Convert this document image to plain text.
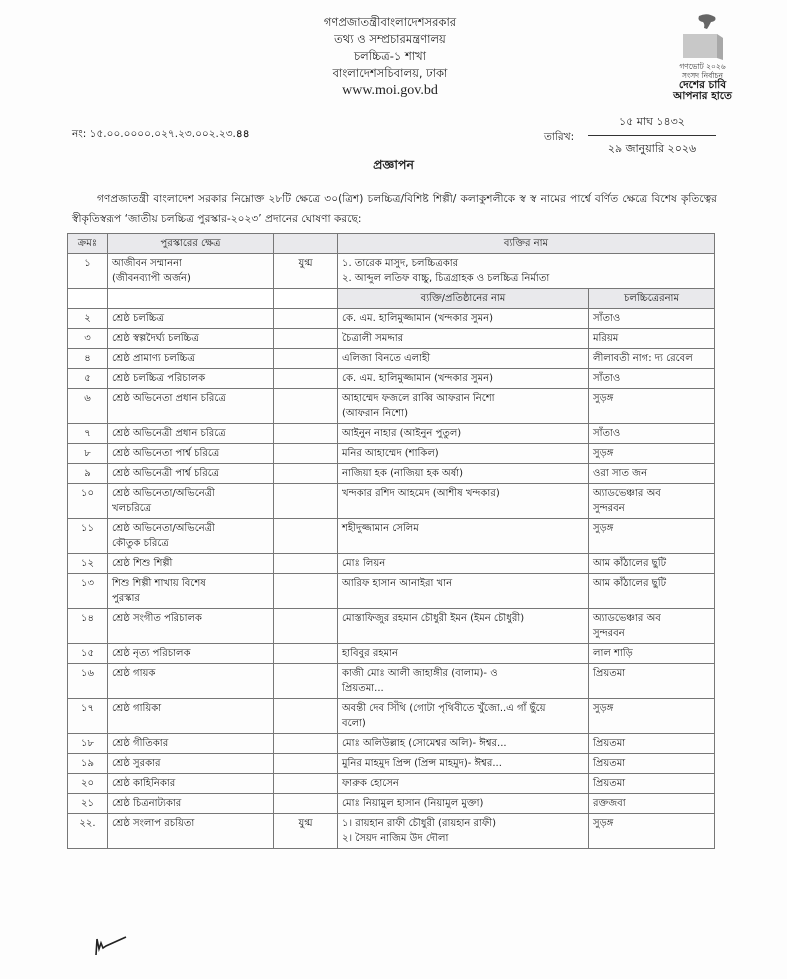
গণপ্রজাতন্ত্রীবাংলাদেশসরকার
তথ্য ও সম্প্রচারমন্ত্রণালয়
চলচ্চিত্র-১ শাখা
বাংলাদেশসচিবালয়, ঢাকা
www.moi.gov.bd
গণভোট ২০২৬
সংসদ নির্বাচন
দেশের চাবি
আপনার হাতে
নং: ১৫.০০.০০০০.০২৭.২৩.০০২.২৩.৪৪	তারিখ:
১৫ মাঘ ১৪৩২
২৯ জানুয়ারি ২০২৬
প্রজ্ঞাপন
গণপ্রজাতন্ত্রী বাংলাদেশ সরকার নিম্নোক্ত ২৮টি ক্ষেত্রে ৩০(ত্রিশ) চলচ্চিত্র/বিশিষ্ট শিল্পী/ কলাকুশলীকে স্ব স্ব নামের পার্শ্বে বর্ণিত ক্ষেত্রে বিশেষ কৃতিত্বের স্বীকৃতিস্বরূপ ‘জাতীয় চলচ্চিত্র পুরস্কার-২০২৩’ প্রদানের ঘোষণা করছে:
ক্রমঃ	পুরস্কারের ক্ষেত্র		ব্যক্তির নাম	
১	আজীবন সম্মাননা
(জীবনব্যাপী অর্জন)	যুগ্ম	১. তারেক মাসুদ, চলচ্চিত্রকার
২. আব্দুল লতিফ বাচ্চু, চিত্রগ্রাহক ও চলচ্চিত্র নির্মাতা	

			ব্যক্তি/প্রতিষ্ঠানের নাম	চলচ্চিত্রেরনাম
২	শ্রেষ্ঠ চলচ্চিত্র		কে. এম. হালিমুজ্জামান (খন্দকার সুমন)	সাঁতাও

৩	শ্রেষ্ঠ স্বল্পদৈর্ঘ্য চলচ্চিত্র		চৈত্রালী সমদ্দার	মরিয়ম

৪	শ্রেষ্ঠ প্রামাণ্য চলচ্চিত্র		এলিজা বিনতে এলাহী	লীলাবতী নাগ: দ্য রেবেল

৫	শ্রেষ্ঠ চলচ্চিত্র পরিচালক		কে. এম. হালিমুজ্জামান (খন্দকার সুমন)	সাঁতাও

৬	শ্রেষ্ঠ অভিনেতা প্রধান চরিত্রে		আহাম্মেদ ফজলে রাব্বি আফরান নিশো
(আফরান নিশো)	সুড়ঙ্গ

৭	শ্রেষ্ঠ অভিনেত্রী প্রধান চরিত্রে		আইনুন নাহার (আইনুন পুতুল)	সাঁতাও

৮	শ্রেষ্ঠ অভিনেতা পার্শ্ব চরিত্রে		মনির আহাম্মেদ (শাকিল)	সুড়ঙ্গ

৯	শ্রেষ্ঠ অভিনেত্রী পার্শ্ব চরিত্রে		নাজিয়া হক (নাজিয়া হক অর্ষা)	ওরা সাত জন

১০	শ্রেষ্ঠ অভিনেতা/অভিনেত্রী
খলচরিত্রে		খন্দকার রশিদ আহমেদ (আশীষ খন্দকার)	অ্যাডভেঞ্চার অব
সুন্দরবন

১১	শ্রেষ্ঠ অভিনেতা/অভিনেত্রী
কৌতুক চরিত্রে		শহীদুজ্জামান সেলিম	সুড়ঙ্গ

১২	শ্রেষ্ঠ শিশু শিল্পী		মোঃ লিয়ন	আম কাঁঠালের ছুটি

১৩	শিশু শিল্পী শাখায় বিশেষ
পুরস্কার		আরিফ হাসান আনাইরা খান	আম কাঁঠালের ছুটি

১৪	শ্রেষ্ঠ সংগীত পরিচালক		মোস্তাফিজুর রহমান চৌধুরী ইমন (ইমন চৌধুরী)	অ্যাডভেঞ্চার অব
সুন্দরবন

১৫	শ্রেষ্ঠ নৃত্য পরিচালক		হাবিবুর রহমান	লাল শাড়ি

১৬	শ্রেষ্ঠ গায়ক		কাজী মোঃ আলী জাহাঙ্গীর (বালাম)- ও
প্রিয়তমা...	প্রিয়তমা

১৭	শ্রেষ্ঠ গায়িকা		অবন্তী দেব সিঁথি (গোটা পৃথিবীতে খুঁজো..এ গাঁ ছুঁয়ে
বলো)	সুড়ঙ্গ

১৮	শ্রেষ্ঠ গীতিকার		মোঃ অলিউল্লাহ (সোমেশ্বর অলি)- ঈশ্বর...	প্রিয়তমা

১৯	শ্রেষ্ঠ সুরকার		মুনির মাহমুদ প্রিন্স (প্রিন্স মাহমুদ)- ঈশ্বর...	প্রিয়তমা

২০	শ্রেষ্ঠ কাহিনিকার		ফারুক হোসেন	প্রিয়তমা

২১	শ্রেষ্ঠ চিত্রনাট্যকার		মোঃ নিয়ামুল হাসান (নিয়ামুল মুক্তা)	রক্তজবা

২২.	শ্রেষ্ঠ সংলাপ রচয়িতা	যুগ্ম	১। রায়হান রাফী চৌধুরী (রায়হান রাফী)
২। সৈয়দ নাজিম উদ দৌলা	সুড়ঙ্গ
